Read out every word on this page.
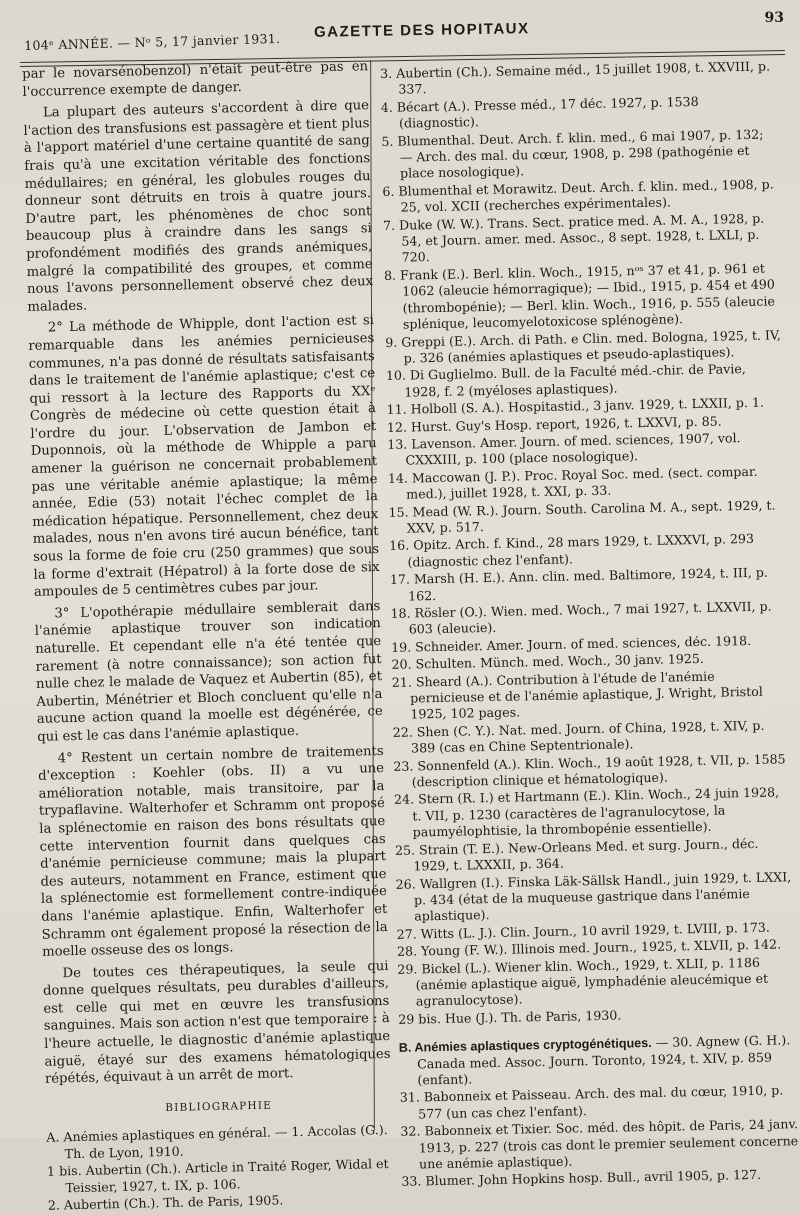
104ᵉ ANNÉE. — Nᵒ 5, 17 janvier 1931.
GAZETTE DES HOPITAUX
93

par le novarsénobenzol) n'était peut-être pas en l'occurrence exempte de danger.

La plupart des auteurs s'accordent à dire que l'action des transfusions est passagère et tient plus à l'apport matériel d'une certaine quantité de sang frais qu'à une excitation véritable des fonctions médullaires; en général, les globules rouges du donneur sont détruits en trois à quatre jours. D'autre part, les phénomènes de choc sont beaucoup plus à craindre dans les sangs si profondément modifiés des grands anémiques, malgré la compatibilité des groupes, et comme nous l'avons personnellement observé chez deux malades.

2° La méthode de Whipple, dont l'action est si remarquable dans les anémies pernicieuses communes, n'a pas donné de résultats satisfaisants dans le traitement de l'anémie aplastique; c'est ce qui ressort à la lecture des Rapports du XXᵉ Congrès de médecine où cette question était à l'ordre du jour. L'observation de Jambon et Duponnois, où la méthode de Whipple a paru amener la guérison ne concernait probablement pas une véritable anémie aplastique; la même année, Edie (53) notait l'échec complet de la médication hépatique. Personnellement, chez deux malades, nous n'en avons tiré aucun bénéfice, tant sous la forme de foie cru (250 grammes) que sous la forme d'extrait (Hépatrol) à la forte dose de six ampoules de 5 centimètres cubes par jour.

3° L'opothérapie médullaire semblerait dans l'anémie aplastique trouver son indication naturelle. Et cependant elle n'a été tentée que rarement (à notre connaissance); son action fut nulle chez le malade de Vaquez et Aubertin (85), et Aubertin, Ménétrier et Bloch concluent qu'elle n'a aucune action quand la moelle est dégénérée, ce qui est le cas dans l'anémie aplastique.

4° Restent un certain nombre de traitements d'exception : Koehler (obs. II) a vu une amélioration notable, mais transitoire, par la trypaflavine. Walterhofer et Schramm ont proposé la splénectomie en raison des bons résultats que cette intervention fournit dans quelques cas d'anémie pernicieuse commune; mais la plupart des auteurs, notamment en France, estiment que la splénectomie est formellement contre-indiquée dans l'anémie aplastique. Enfin, Walterhofer et Schramm ont également proposé la résection de la moelle osseuse des os longs.

De toutes ces thérapeutiques, la seule qui donne quelques résultats, peu durables d'ailleurs, est celle qui met en œuvre les transfusions sanguines. Mais son action n'est que temporaire : à l'heure actuelle, le diagnostic d'anémie aplastique aiguë, étayé sur des examens hématologiques répétés, équivaut à un arrêt de mort.

BIBLIOGRAPHIE
A. Anémies aplastiques en général. — 1. Accolas (G.). Th. de Lyon, 1910.
1 bis. Aubertin (Ch.). Article in Traité Roger, Widal et Teissier, 1927, t. IX, p. 106.
2. Aubertin (Ch.). Th. de Paris, 1905.
3. Aubertin (Ch.). Semaine méd., 15 juillet 1908, t. XXVIII, p. 337.
4. Bécart (A.). Presse méd., 17 déc. 1927, p. 1538 (diagnostic).
5. Blumenthal. Deut. Arch. f. klin. med., 6 mai 1907, p. 132; — Arch. des mal. du cœur, 1908, p. 298 (pathogénie et place nosologique).
6. Blumenthal et Morawitz. Deut. Arch. f. klin. med., 1908, p. 25, vol. XCII (recherches expérimentales).
7. Duke (W. W.). Trans. Sect. pratice med. A. M. A., 1928, p. 54, et Journ. amer. med. Assoc., 8 sept. 1928, t. LXLI, p. 720.
8. Frank (E.). Berl. klin. Woch., 1915, nᵒˢ 37 et 41, p. 961 et 1062 (aleucie hémorragique); — Ibid., 1915, p. 454 et 490 (thrombopénie); — Berl. klin. Woch., 1916, p. 555 (aleucie splénique, leucomyelotoxicose splénogène).
9. Greppi (E.). Arch. di Path. e Clin. med. Bologna, 1925, t. IV, p. 326 (anémies aplastiques et pseudo-aplastiques).
10. Di Guglielmo. Bull. de la Faculté méd.-chir. de Pavie, 1928, f. 2 (myéloses aplastiques).
11. Holboll (S. A.). Hospitastid., 3 janv. 1929, t. LXXII, p. 1.
12. Hurst. Guy's Hosp. report, 1926, t. LXXVI, p. 85.
13. Lavenson. Amer. Journ. of med. sciences, 1907, vol. CXXXIII, p. 100 (place nosologique).
14. Maccowan (J. P.). Proc. Royal Soc. med. (sect. compar. med.), juillet 1928, t. XXI, p. 33.
15. Mead (W. R.). Journ. South. Carolina M. A., sept. 1929, t. XXV, p. 517.
16. Opitz. Arch. f. Kind., 28 mars 1929, t. LXXXVI, p. 293 (diagnostic chez l'enfant).
17. Marsh (H. E.). Ann. clin. med. Baltimore, 1924, t. III, p. 162.
18. Rösler (O.). Wien. med. Woch., 7 mai 1927, t. LXXVII, p. 603 (aleucie).
19. Schneider. Amer. Journ. of med. sciences, déc. 1918.
20. Schulten. Münch. med. Woch., 30 janv. 1925.
21. Sheard (A.). Contribution à l'étude de l'anémie pernicieuse et de l'anémie aplastique, J. Wright, Bristol 1925, 102 pages.
22. Shen (C. Y.). Nat. med. Journ. of China, 1928, t. XIV, p. 389 (cas en Chine Septentrionale).
23. Sonnenfeld (A.). Klin. Woch., 19 août 1928, t. VII, p. 1585 (description clinique et hématologique).
24. Stern (R. I.) et Hartmann (E.). Klin. Woch., 24 juin 1928, t. VII, p. 1230 (caractères de l'agranulocytose, la paumyélophtisie, la thrombopénie essentielle).
25. Strain (T. E.). New-Orleans Med. et surg. Journ., déc. 1929, t. LXXXII, p. 364.
26. Wallgren (I.). Finska Läk-Sällsk Handl., juin 1929, t. LXXI, p. 434 (état de la muqueuse gastrique dans l'anémie aplastique).
27. Witts (L. J.). Clin. Journ., 10 avril 1929, t. LVIII, p. 173.
28. Young (F. W.). Illinois med. Journ., 1925, t. XLVII, p. 142.
29. Bickel (L.). Wiener klin. Woch., 1929, t. XLII, p. 1186 (anémie aplastique aiguë, lymphadénie aleucémique et agranulocytose).
29 bis. Hue (J.). Th. de Paris, 1930.
B. Anémies aplastiques cryptogénétiques. — 30. Agnew (G. H.). Canada med. Assoc. Journ. Toronto, 1924, t. XIV, p. 859 (enfant).
31. Babonneix et Paisseau. Arch. des mal. du cœur, 1910, p. 577 (un cas chez l'enfant).
32. Babonneix et Tixier. Soc. méd. des hôpit. de Paris, 24 janv. 1913, p. 227 (trois cas dont le premier seulement concerne une anémie aplastique).
33. Blumer. John Hopkins hosp. Bull., avril 1905, p. 127.
